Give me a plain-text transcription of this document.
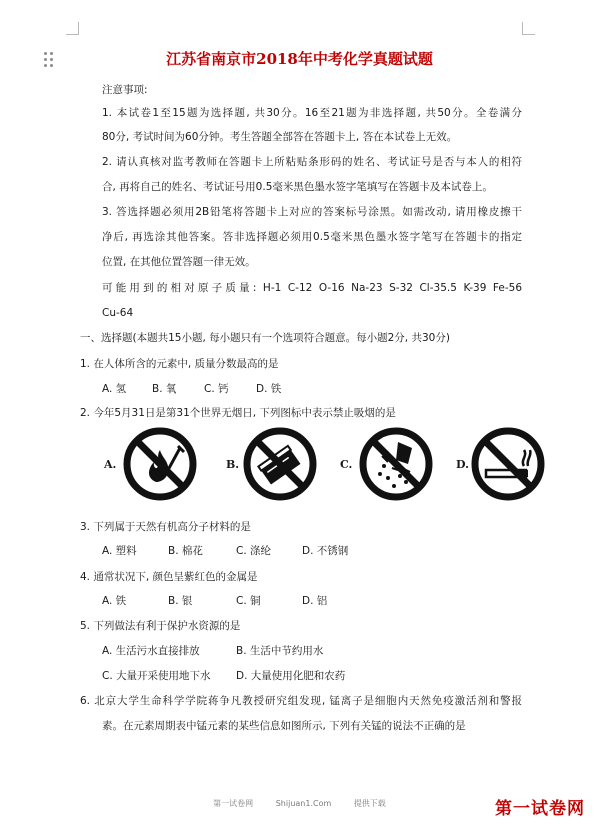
江苏省南京市2018年中考化学真题试题
注意事项:
1. 本试卷1至15题为选择题, 共30分。16至21题为非选择题, 共50分。全卷满分
80分, 考试时间为60分钟。考生答题全部答在答题卡上, 答在本试卷上无效。
2. 请认真核对监考教师在答题卡上所粘贴条形码的姓名、考试证号是否与本人的相符
合, 再将自己的姓名、考试证号用0.5毫米黑色墨水签字笔填写在答题卡及本试卷上。
3. 答选择题必须用2B铅笔将答题卡上对应的答案标号涂黑。如需改动, 请用橡皮擦干
净后, 再选涂其他答案。答非选择题必须用0.5毫米黑色墨水签字笔写在答题卡的指定
位置, 在其他位置答题一律无效。
可能用到的相对原子质量: H-1 C-12 O-16 Na-23 S-32 Cl-35.5 K-39 Fe-56
Cu-64
一、选择题(本题共15小题, 每小题只有一个选项符合题意。每小题2分, 共30分)
1. 在人体所含的元素中, 质量分数最高的是
A. 氢 B. 氧	C. 钙	D. 铁
2. 今年5月31日是第31个世界无烟日, 下列图标中表示禁止吸烟的是
A.	B.	C.	D.
3. 下列属于天然有机高分子材料的是
A. 塑料	B. 棉花	C. 涤纶	D. 不锈钢
4. 通常状况下, 颜色呈紫红色的金属是
A. 铁	B. 银	C. 铜	D. 铝
5. 下列做法有利于保护水资源的是
A. 生活污水直接排放	B. 生活中节约用水
C. 大量开采使用地下水 D. 大量使用化肥和农药
6. 北京大学生命科学学院蒋争凡教授研究组发现, 锰离子是细胞内天然免疫激活剂和警报
素。在元素周期表中锰元素的某些信息如图所示, 下列有关锰的说法不正确的是
第一试卷网	Shijuan1.Com	提供下载	第一试卷网
